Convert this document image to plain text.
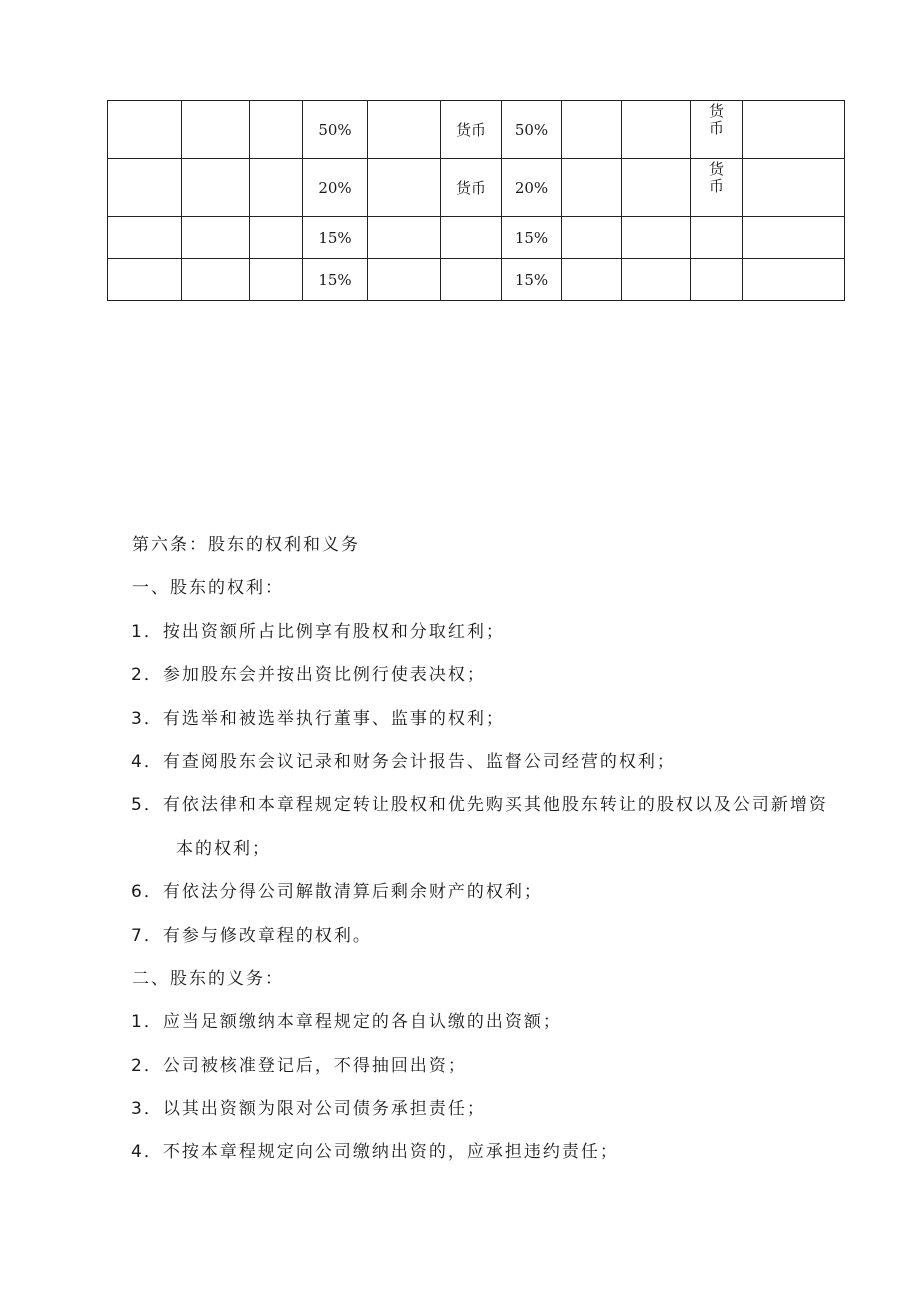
			50%		货币	50%			货
币	

			20%		货币	20%			货
币	

			15%			15%				
			15%			15%				
第六条：股东的权利和义务
一、股东的权利：
1．按出资额所占比例享有股权和分取红利；
2．参加股东会并按出资比例行使表决权；
3．有选举和被选举执行董事、监事的权利；
4．有查阅股东会议记录和财务会计报告、监督公司经营的权利；
5．有依法律和本章程规定转让股权和优先购买其他股东转让的股权以及公司新增资
本的权利；
6．有依法分得公司解散清算后剩余财产的权利；
7．有参与修改章程的权利。
二、股东的义务：
1．应当足额缴纳本章程规定的各自认缴的出资额；
2．公司被核准登记后，不得抽回出资；
3．以其出资额为限对公司债务承担责任；
4．不按本章程规定向公司缴纳出资的，应承担违约责任；
